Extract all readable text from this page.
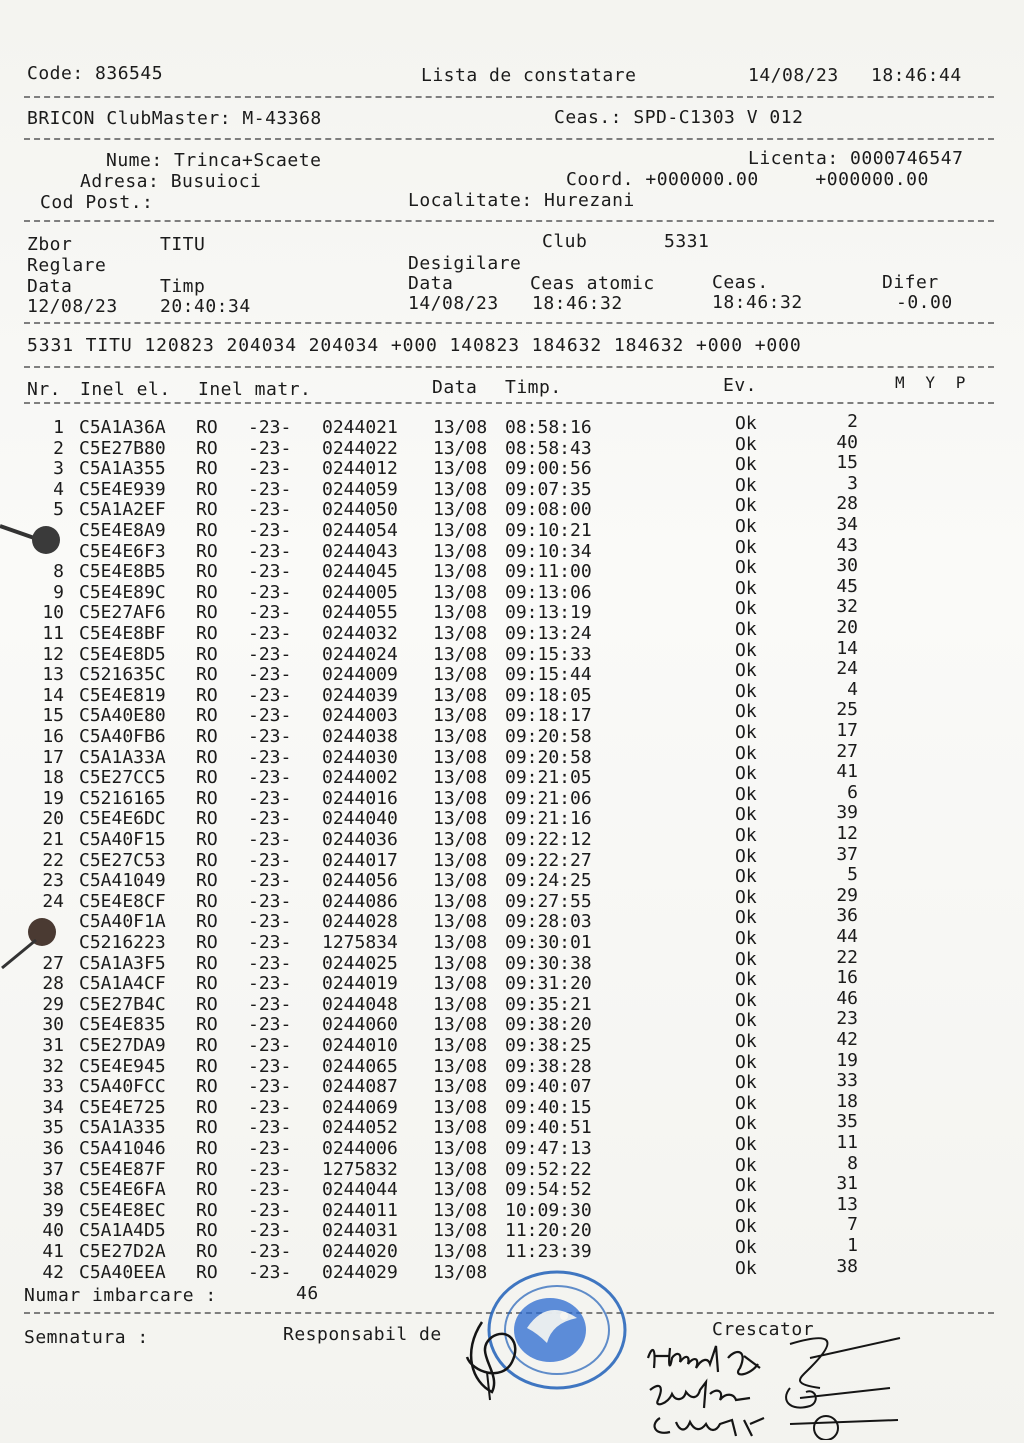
Code: 836545	Lista de constatare	14/08/23 18:46:44
BRICON ClubMaster: M-43368	Ceas.: SPD-C1303 V 012
Nume: Trinca+Scaete
Adresa: Busuioci
Cod Post.:
Licenta: 0000746547
Coord. +000000.00     +000000.00
Localitate: Hurezani
Zbor	TITU	Club	5331
Reglare	Desigilare
Data	Timp	Data	Ceas atomic	Ceas.	Difer
12/08/23 20:40:34	14/08/23 18:46:32	18:46:32	-0.00
5331 TITU 120823 204034 204034 +000 140823 184632 184632 +000 +000
Nr. Inel el. Inel matr.	Data Timp.	Ev.	M  Y  P
1 C5A1A36A RO -23- 0244021 13/08 08:58:16	Ok	2
2 C5E27B80 RO -23- 0244022 13/08 08:58:43	Ok	40
3 C5A1A355 RO -23- 0244012 13/08 09:00:56	Ok	15
4 C5E4E939 RO -23- 0244059 13/08 09:07:35	Ok	3
5 C5A1A2EF RO -23- 0244050 13/08 09:08:00	Ok	28
C5E4E8A9 RO -23- 0244054 13/08 09:10:21	Ok	34
C5E4E6F3 RO -23- 0244043 13/08 09:10:34	Ok	43
8 C5E4E8B5 RO -23- 0244045 13/08 09:11:00	Ok	30
9 C5E4E89C RO -23- 0244005 13/08 09:13:06	Ok	45
10 C5E27AF6 RO -23- 0244055 13/08 09:13:19	Ok	32
11 C5E4E8BF RO -23- 0244032 13/08 09:13:24	Ok	20
12 C5E4E8D5 RO -23- 0244024 13/08 09:15:33	Ok	14
13 C521635C RO -23- 0244009 13/08 09:15:44	Ok	24
14 C5E4E819 RO -23- 0244039 13/08 09:18:05	Ok	4
15 C5A40E80 RO -23- 0244003 13/08 09:18:17	Ok	25
16 C5A40FB6 RO -23- 0244038 13/08 09:20:58	Ok	17
17 C5A1A33A RO -23- 0244030 13/08 09:20:58	Ok	27
18 C5E27CC5 RO -23- 0244002 13/08 09:21:05	Ok	41
19 C5216165 RO -23- 0244016 13/08 09:21:06	Ok	6
20 C5E4E6DC RO -23- 0244040 13/08 09:21:16	Ok	39
21 C5A40F15 RO -23- 0244036 13/08 09:22:12	Ok	12
22 C5E27C53 RO -23- 0244017 13/08 09:22:27	Ok	37
23 C5A41049 RO -23- 0244056 13/08 09:24:25	Ok	5
24 C5E4E8CF RO -23- 0244086 13/08 09:27:55	Ok	29
C5A40F1A RO -23- 0244028 13/08 09:28:03	Ok	36
C5216223 RO -23- 1275834 13/08 09:30:01	Ok	44
27 C5A1A3F5 RO -23- 0244025 13/08 09:30:38	Ok	22
28 C5A1A4CF RO -23- 0244019 13/08 09:31:20	Ok	16
29 C5E27B4C RO -23- 0244048 13/08 09:35:21	Ok	46
30 C5E4E835 RO -23- 0244060 13/08 09:38:20	Ok	23
31 C5E27DA9 RO -23- 0244010 13/08 09:38:25	Ok	42
32 C5E4E945 RO -23- 0244065 13/08 09:38:28	Ok	19
33 C5A40FCC RO -23- 0244087 13/08 09:40:07	Ok	33
34 C5E4E725 RO -23- 0244069 13/08 09:40:15	Ok	18
35 C5A1A335 RO -23- 0244052 13/08 09:40:51	Ok	35
36 C5A41046 RO -23- 0244006 13/08 09:47:13	Ok	11
37 C5E4E87F RO -23- 1275832 13/08 09:52:22	Ok	8
38 C5E4E6FA RO -23- 0244044 13/08 09:54:52	Ok	31
39 C5E4E8EC RO -23- 0244011 13/08 10:09:30	Ok	13
40 C5A1A4D5 RO -23- 0244031 13/08 11:20:20	Ok	7
41 C5E27D2A RO -23- 0244020 13/08 11:23:39	Ok	1
42 C5A40EEA RO -23- 0244029 13/08	Ok	38
Numar imbarcare :	46
Semnatura :	Responsabil de	Crescator
